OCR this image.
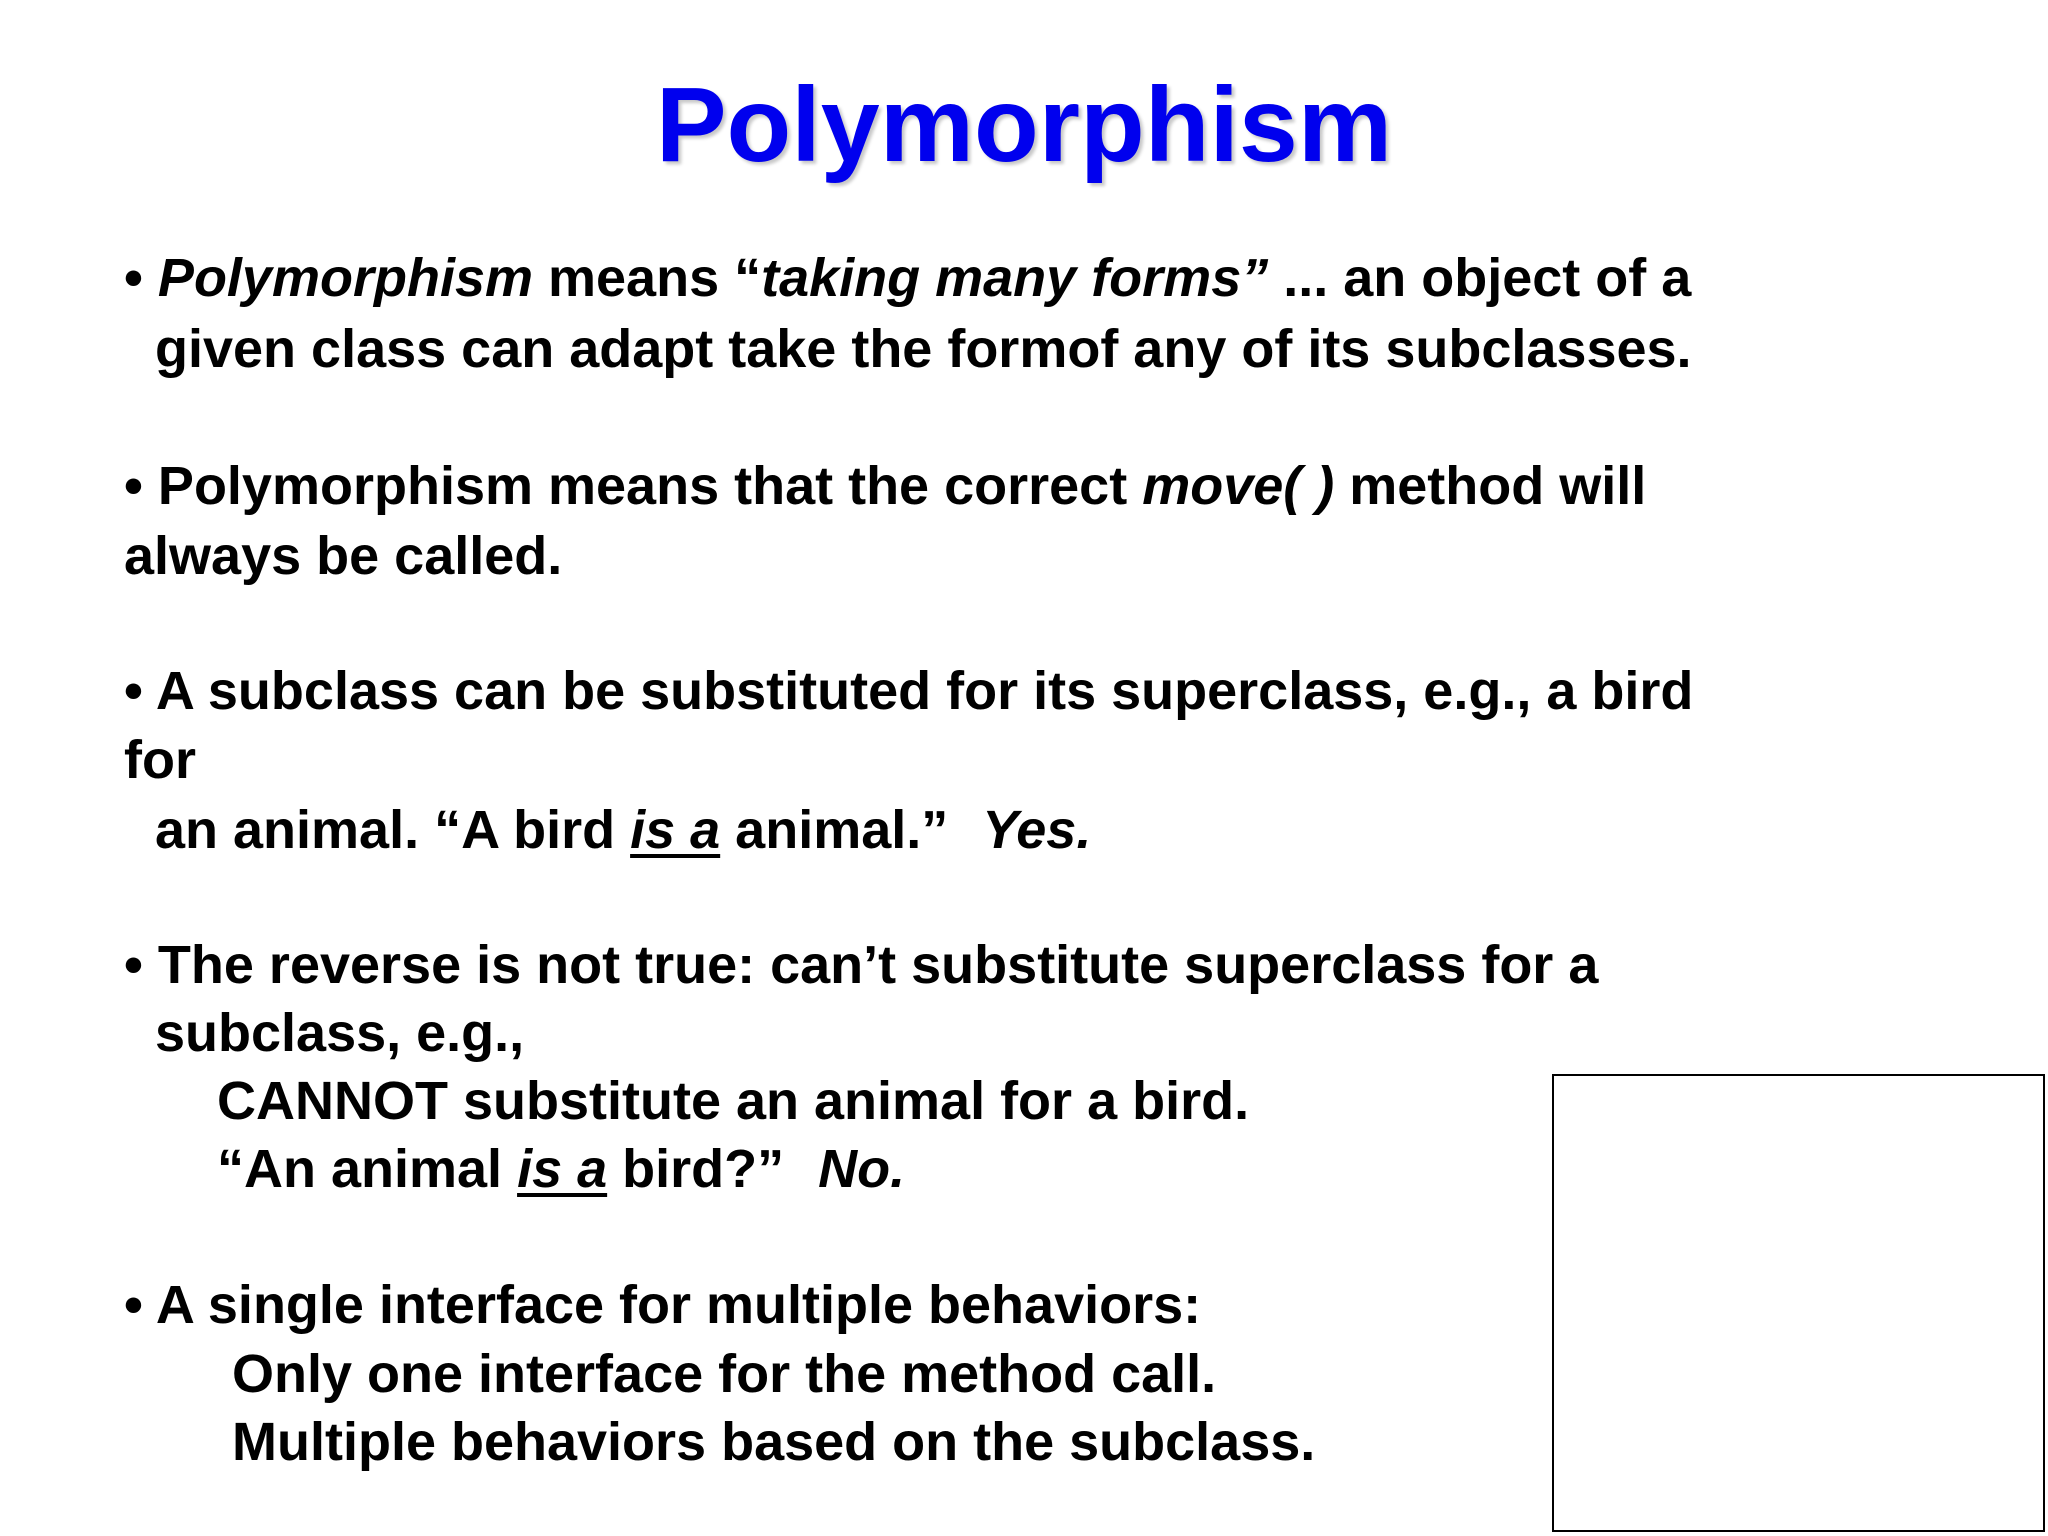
Polymorphism
• Polymorphism means “taking many forms” ... an object of a
given class can adapt take the formof any of its subclasses.
• Polymorphism means that the correct move( ) method will
always be called.
• A subclass can be substituted for its superclass, e.g., a bird
for
an animal. “A bird is a animal.” Yes.
• The reverse is not true: can’t substitute superclass for a
subclass, e.g.,
CANNOT substitute an animal for a bird.
“An animal is a bird?” No.
• A single interface for multiple behaviors:
Only one interface for the method call.
Multiple behaviors based on the subclass.
